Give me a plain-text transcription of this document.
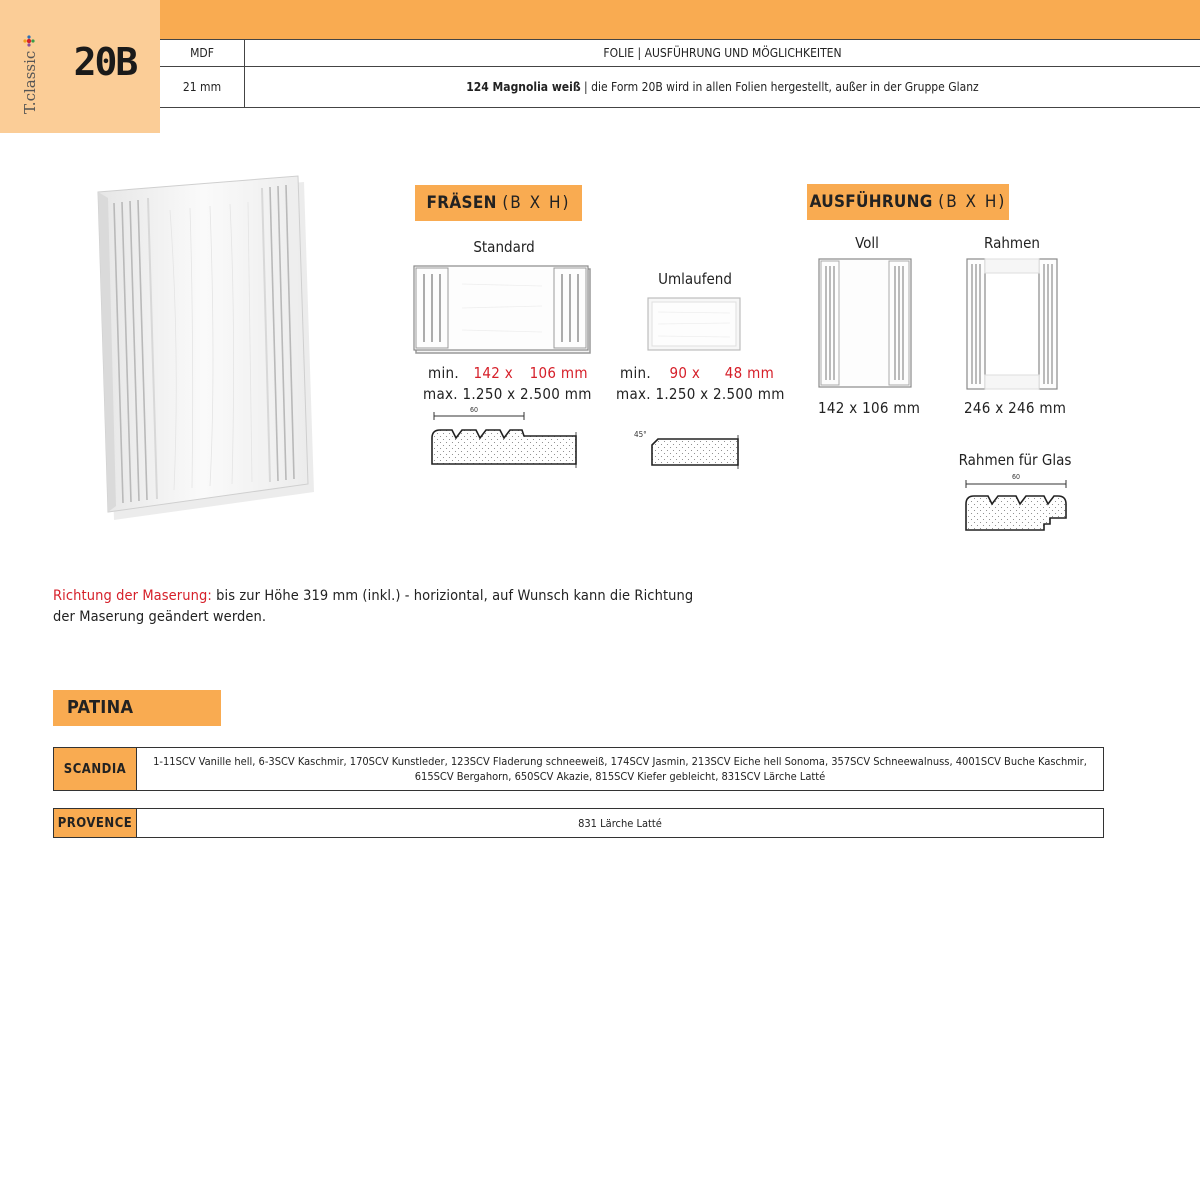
T.classic 20B	MDF	FOLIE | AUSFÜHRUNG UND MÖGLICHKEITEN
21 mm	124 Magnolia weiß | die Form 20B wird in allen Folien hergestellt, außer in der Gruppe Glanz
FRÄSEN (B X H)
Standard
min. 142 x 106 mm
max. 1.250 x 2.500 mm
60
Umlaufend
min. 90 x 48 mm
max. 1.250 x 2.500 mm
45°
AUSFÜHRUNG (B X H)
Voll
142 x 106 mm
Rahmen
246 x 246 mm
Rahmen für Glas
60
Richtung der Maserung: bis zur Höhe 319 mm (inkl.) - horiziontal, auf Wunsch kann die Richtung
der Maserung geändert werden.
PATINA
SCANDIA	1-11SCV Vanille hell, 6-3SCV Kaschmir, 170SCV Kunstleder, 123SCV Fladerung schneeweiß, 174SCV Jasmin, 213SCV Eiche hell Sonoma, 357SCV Schneewalnuss, 4001SCV Buche Kaschmir,
615SCV Bergahorn, 650SCV Akazie, 815SCV Kiefer gebleicht, 831SCV Lärche Latté
PROVENCE	831 Lärche Latté
